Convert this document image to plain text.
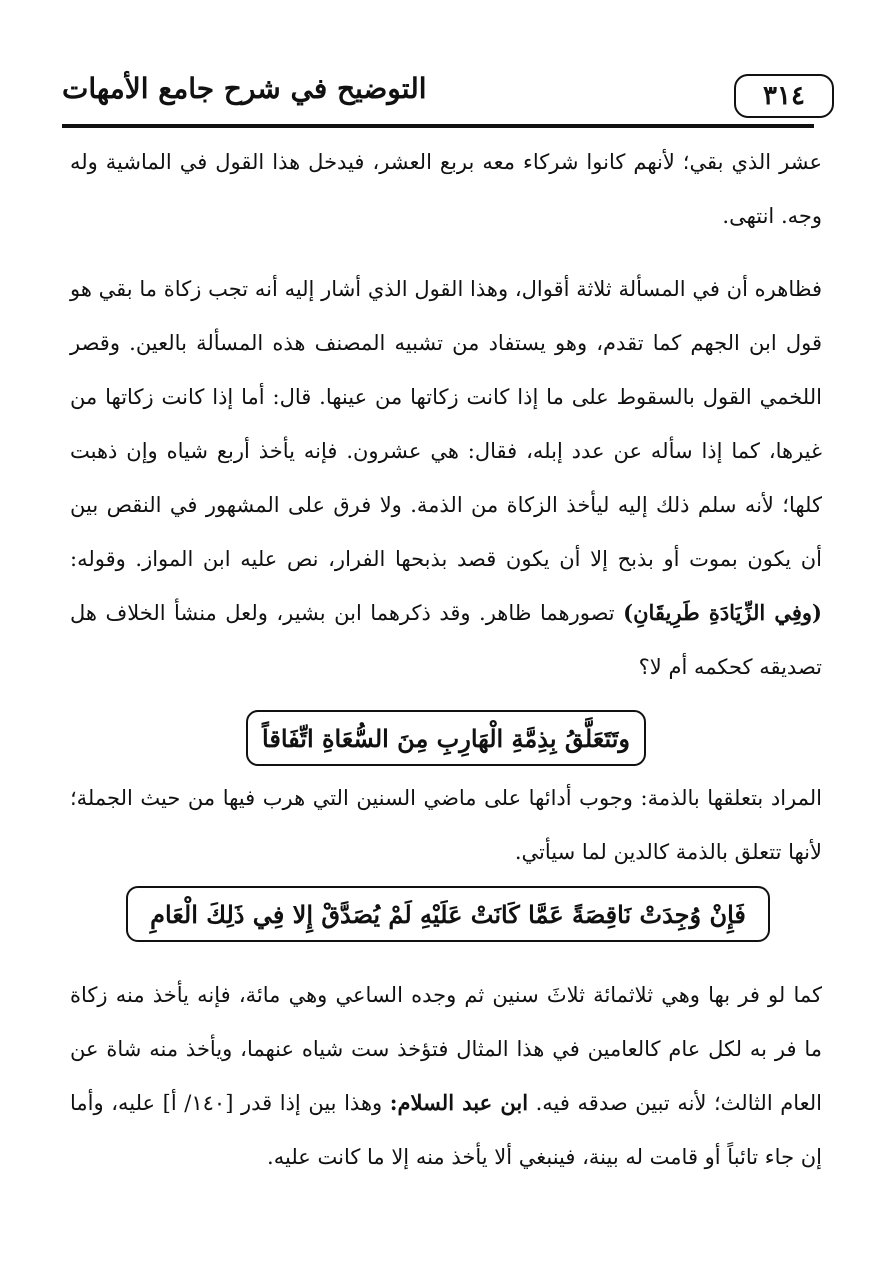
٣١٤
التوضيح في شرح جامع الأمهات
عشر الذي بقي؛ لأنهم كانوا شركاء معه بربع العشر، فيدخل هذا القول في الماشية وله وجه. انتهى.
فظاهره أن في المسألة ثلاثة أقوال، وهذا القول الذي أشار إليه أنه تجب زكاة ما بقي هو قول ابن الجهم كما تقدم، وهو يستفاد من تشبيه المصنف هذه المسألة بالعين. وقصر اللخمي القول بالسقوط على ما إذا كانت زكاتها من عينها. قال: أما إذا كانت زكاتها من غيرها، كما إذا سأله عن عدد إبله، فقال: هي عشرون. فإنه يأخذ أربع شياه وإن ذهبت كلها؛ لأنه سلم ذلك إليه ليأخذ الزكاة من الذمة. ولا فرق على المشهور في النقص بين أن يكون بموت أو بذبح إلا أن يكون قصد بذبحها الفرار، نص عليه ابن المواز. وقوله: (وفِي الزِّيَادَةِ طَرِيقَانِ) تصورهما ظاهر. وقد ذكرهما ابن بشير، ولعل منشأ الخلاف هل تصديقه كحكمه أم لا؟
وتَتَعَلَّقُ بِذِمَّةِ الْهَارِبِ مِنَ السُّعَاةِ اتِّفَاقاً
المراد بتعلقها بالذمة: وجوب أدائها على ماضي السنين التي هرب فيها من حيث الجملة؛ لأنها تتعلق بالذمة كالدين لما سيأتي.
فَإِنْ وُجِدَتْ نَاقِصَةً عَمَّا كَانَتْ عَلَيْهِ لَمْ يُصَدَّقْ إِلا فِي ذَلِكَ الْعَامِ
كما لو فر بها وهي ثلاثمائة ثلاثَ سنين ثم وجده الساعي وهي مائة، فإنه يأخذ منه زكاة ما فر به لكل عام كالعامين في هذا المثال فتؤخذ ست شياه عنهما، ويأخذ منه شاة عن العام الثالث؛ لأنه تبين صدقه فيه. ابن عبد السلام: وهذا بين إذا قدر [١٤٠/ أ] عليه، وأما إن جاء تائباً أو قامت له بينة، فينبغي ألا يأخذ منه إلا ما كانت عليه.
